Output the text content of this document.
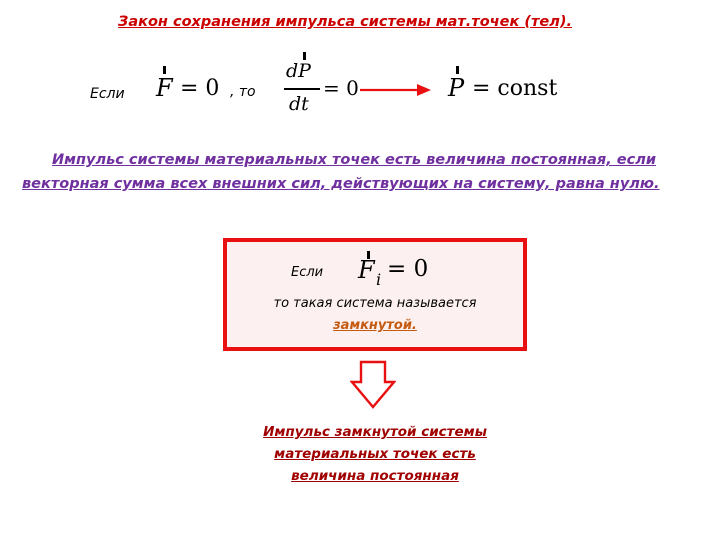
Закон сохранения импульса системы мат.точек (тел).
Если F = 0 , то
dP
dt
= 0	P = const
Импульс системы материальных точек есть величина постоянная, если
векторная сумма всех внешних сил, действующих на систему, равна нулю.
Если F i = 0
то такая система называется
замкнутой.
Импульс замкнутой системы
материальных точек есть
величина постоянная
